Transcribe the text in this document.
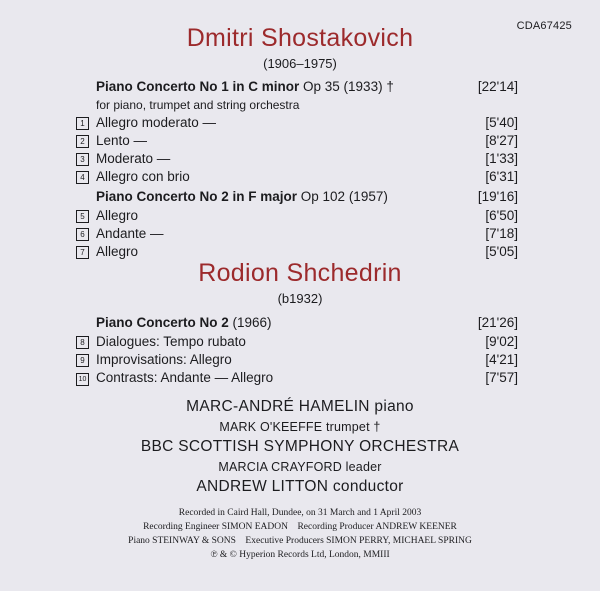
CDA67425
Dmitri Shostakovich
(1906–1975)
Piano Concerto No 1 in C minor Op 35 (1933) †	[22'14]
for piano, trumpet and string orchestra
1 Allegro moderato —	[5'40]
2 Lento —	[8'27]
3 Moderato —	[1'33]
4 Allegro con brio	[6'31]
Piano Concerto No 2 in F major Op 102 (1957)	[19'16]
5 Allegro	[6'50]
6 Andante —	[7'18]
7 Allegro	[5'05]
Rodion Shchedrin
(b1932)
Piano Concerto No 2 (1966)	[21'26]
8 Dialogues: Tempo rubato	[9'02]
9 Improvisations: Allegro	[4'21]
10 Contrasts: Andante — Allegro	[7'57]
MARC-ANDRÉ HAMELIN piano
MARK O'KEEFFE trumpet †
BBC SCOTTISH SYMPHONY ORCHESTRA
MARCIA CRAYFORD leader
ANDREW LITTON conductor
Recorded in Caird Hall, Dundee, on 31 March and 1 April 2003
Recording Engineer SIMON EADON    Recording Producer ANDREW KEENER
Piano STEINWAY & SONS    Executive Producers SIMON PERRY, MICHAEL SPRING
℗ & © Hyperion Records Ltd, London, MMIII
